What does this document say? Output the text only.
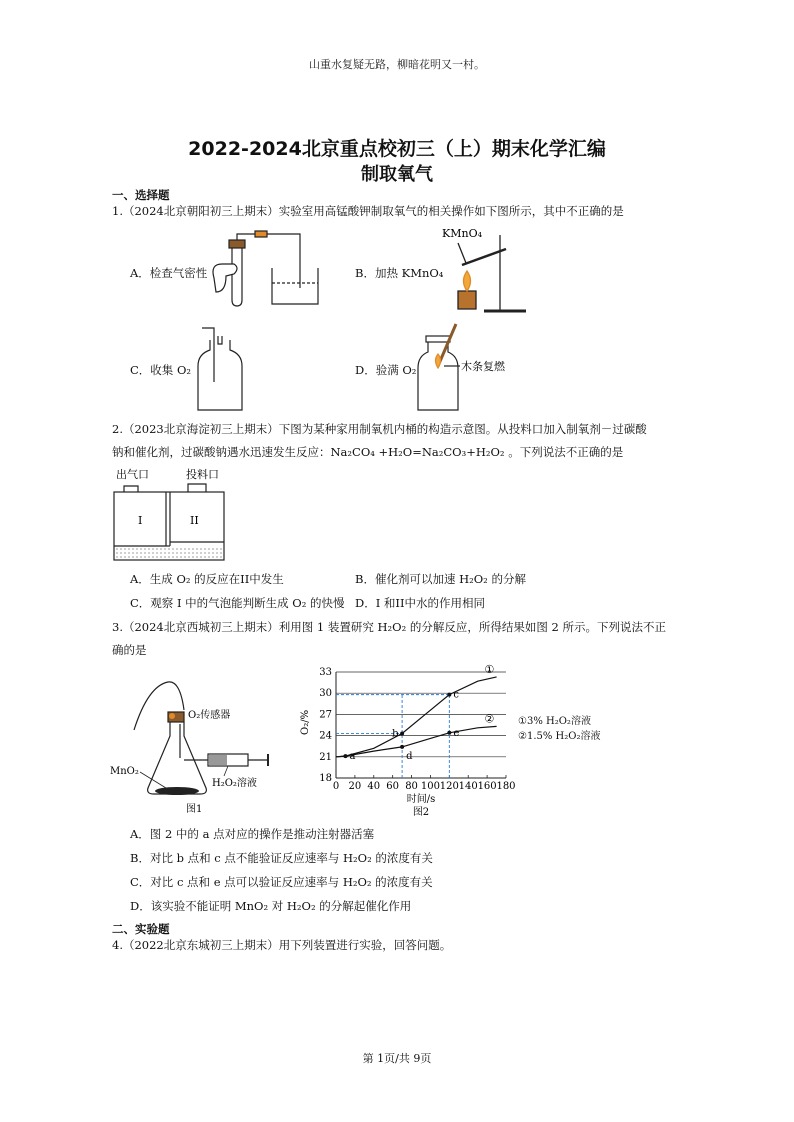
山重水复疑无路，柳暗花明又一村。
2022-2024北京重点校初三（上）期末化学汇编
制取氧气
一、选择题
1.（2024北京朝阳初三上期末）实验室用高锰酸钾制取氧气的相关操作如下图所示，其中不正确的是
A．检查气密性
KMnO₄
B．加热 KMnO₄
C．收集 O₂	木条复燃
D．验满 O₂
2.（2023北京海淀初三上期末）下图为某种家用制氧机内桶的构造示意图。从投料口加入制氧剂－过碳酸
钠和催化剂，过碳酸钠遇水迅速发生反应：Na₂CO₄ +H₂O=Na₂CO₃+H₂O₂ 。下列说法不正确的是
出气口	投料口
I	II
A．生成 O₂ 的反应在II中发生	B．催化剂可以加速 H₂O₂ 的分解
C．观察 I 中的气泡能判断生成 O₂ 的快慢 D．I 和II中水的作用相同
3.（2024北京西城初三上期末）利用图 1 装置研究 H₂O₂ 的分解反应，所得结果如图 2 所示。下列说法不正
确的是
O₂传感器
MnO₂
H₂O₂溶液
图1
①
②
a
b
c
d
e
18
21
24
27
30
33
0 20 40 60 80 100 120 140 160 180
O₂/%
时间/s
图2
①3% H₂O₂溶液
②1.5% H₂O₂溶液
A．图 2 中的 a 点对应的操作是推动注射器活塞
B．对比 b 点和 c 点不能验证反应速率与 H₂O₂ 的浓度有关
C．对比 c 点和 e 点可以验证反应速率与 H₂O₂ 的浓度有关
D．该实验不能证明 MnO₂ 对 H₂O₂ 的分解起催化作用
二、实验题
4.（2022北京东城初三上期末）用下列装置进行实验，回答问题。
第 1页/共 9页
